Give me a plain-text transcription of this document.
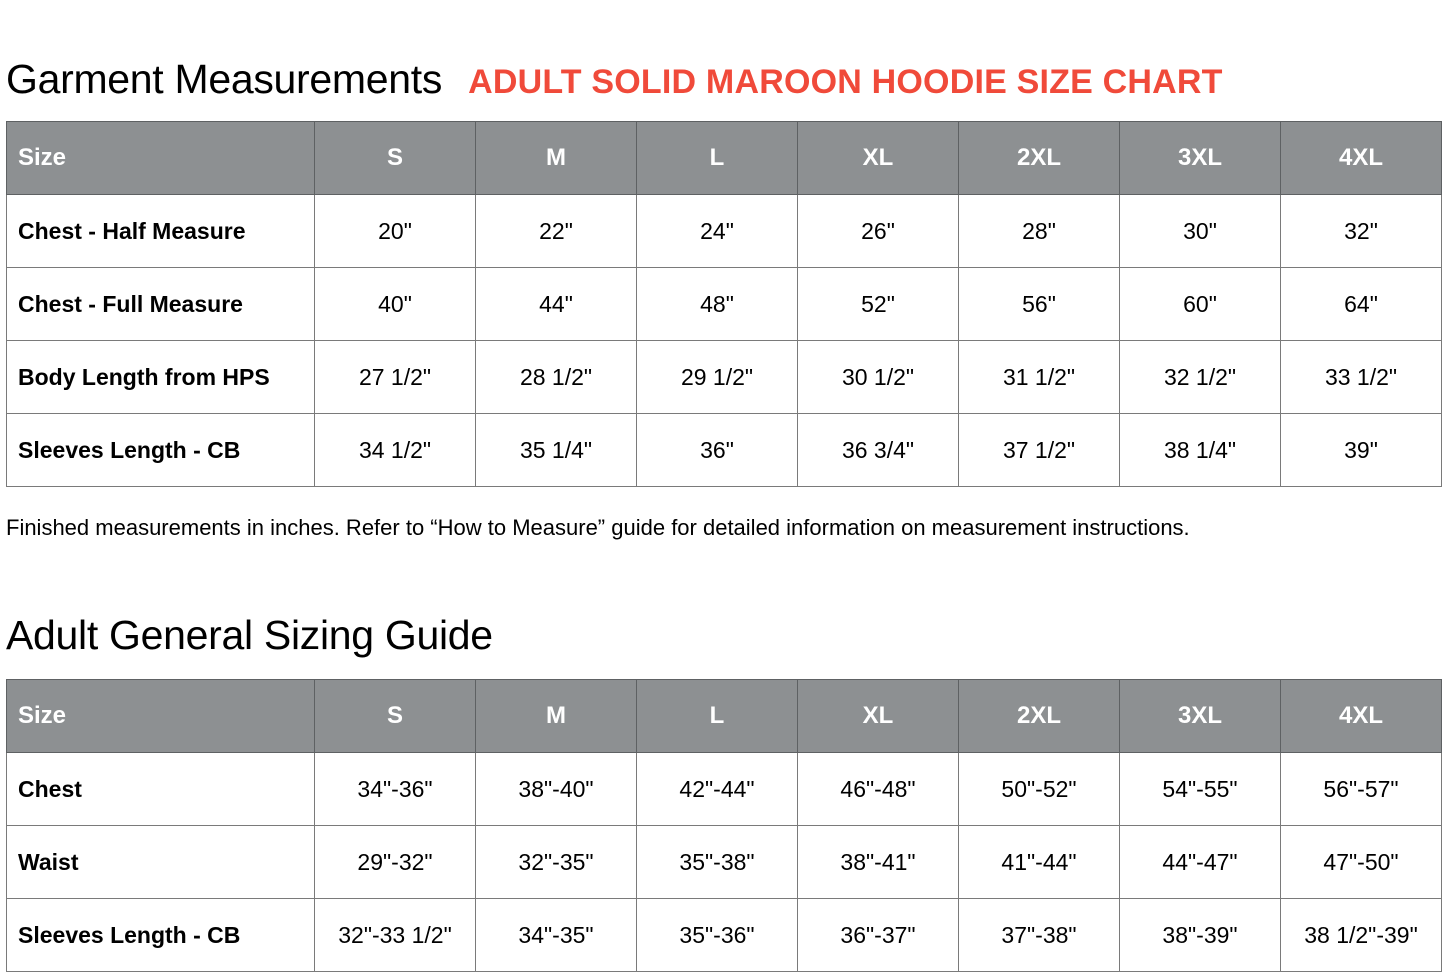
Garment Measurements ADULT SOLID MAROON HOODIE SIZE CHART
Size	S	M	L	XL	2XL	3XL	4XL
Chest - Half Measure	20"	22"	24"	26"	28"	30"	32"
Chest - Full Measure	40"	44"	48"	52"	56"	60"	64"
Body Length from HPS	27 1/2"	28 1/2"	29 1/2"	30 1/2"	31 1/2"	32 1/2"	33 1/2"
Sleeves Length - CB	34 1/2"	35 1/4"	36"	36 3/4"	37 1/2"	38 1/4"	39"
Finished measurements in inches. Refer to “How to Measure” guide for detailed information on measurement instructions.
Adult General Sizing Guide
Size	S	M	L	XL	2XL	3XL	4XL
Chest	34"-36"	38"-40"	42"-44"	46"-48"	50"-52"	54"-55"	56"-57"
Waist	29"-32"	32"-35"	35"-38"	38"-41"	41"-44"	44"-47"	47"-50"
Sleeves Length - CB	32"-33 1/2"	34"-35"	35"-36"	36"-37"	37"-38"	38"-39"	38 1/2"-39"
